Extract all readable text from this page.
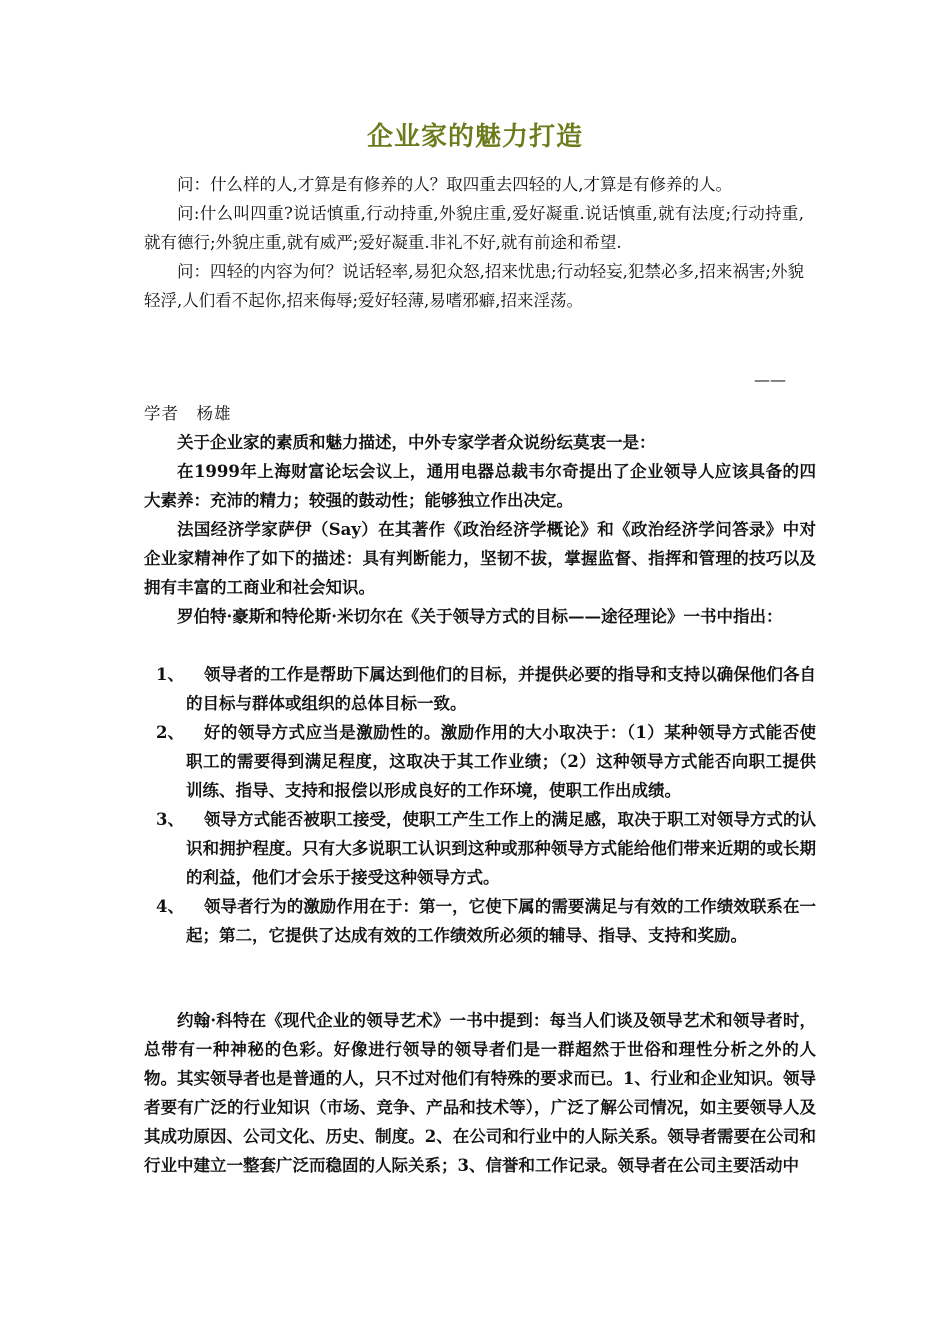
企业家的魅力打造

问：什么样的人,才算是有修养的人？取四重去四轻的人,才算是有修养的人。

问:什么叫四重?说话慎重,行动持重,外貌庄重,爱好凝重.说话慎重,就有法度;行动持重,就有德行;外貌庄重,就有威严;爱好凝重.非礼不好,就有前途和希望.

问：四轻的内容为何？说话轻率,易犯众怒,招来忧患;行动轻妄,犯禁必多,招来祸害;外貌轻浮,人们看不起你,招来侮辱;爱好轻薄,易嗜邪癖,招来淫荡。

——
学者　杨雄

关于企业家的素质和魅力描述，中外专家学者众说纷纭莫衷一是：

在1999年上海财富论坛会议上，通用电器总裁韦尔奇提出了企业领导人应该具备的四大素养：充沛的精力；较强的鼓动性；能够独立作出决定。

法国经济学家萨伊（Say）在其著作《政治经济学概论》和《政治经济学问答录》中对企业家精神作了如下的描述：具有判断能力，坚韧不拔，掌握监督、指挥和管理的技巧以及拥有丰富的工商业和社会知识。

罗伯特·豪斯和特伦斯·米切尔在《关于领导方式的目标——途径理论》一书中指出：

1、	领导者的工作是帮助下属达到他们的目标，并提供必要的指导和支持以确保他们各自的目标与群体或组织的总体目标一致。
2、	好的领导方式应当是激励性的。激励作用的大小取决于：（1）某种领导方式能否使职工的需要得到满足程度，这取决于其工作业绩；（2）这种领导方式能否向职工提供训练、指导、支持和报偿以形成良好的工作环境，使职工作出成绩。
3、	领导方式能否被职工接受，使职工产生工作上的满足感，取决于职工对领导方式的认识和拥护程度。只有大多说职工认识到这种或那种领导方式能给他们带来近期的或长期的利益，他们才会乐于接受这种领导方式。
4、	领导者行为的激励作用在于：第一，它使下属的需要满足与有效的工作绩效联系在一起；第二，它提供了达成有效的工作绩效所必须的辅导、指导、支持和奖励。

约翰·科特在《现代企业的领导艺术》一书中提到：每当人们谈及领导艺术和领导者时，总带有一种神秘的色彩。好像进行领导的领导者们是一群超然于世俗和理性分析之外的人物。其实领导者也是普通的人，只不过对他们有特殊的要求而已。1、行业和企业知识。领导者要有广泛的行业知识（市场、竞争、产品和技术等），广泛了解公司情况，如主要领导人及其成功原因、公司文化、历史、制度。2、在公司和行业中的人际关系。领导者需要在公司和行业中建立一整套广泛而稳固的人际关系；3、信誉和工作记录。领导者在公司主要活动中
